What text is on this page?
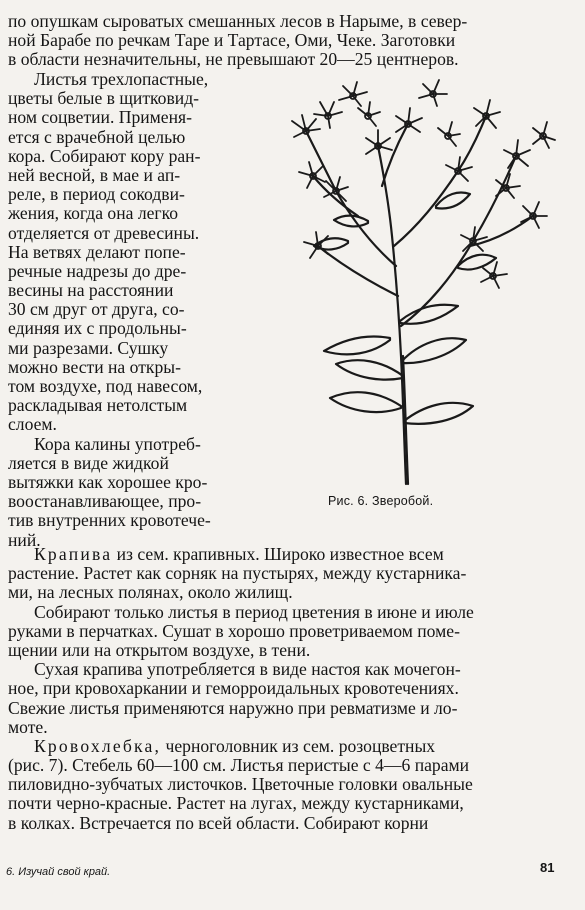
по опушкам сыроватых смешанных лесов в Нарыме, в север-
ной Барабе по речкам Таре и Тартасе, Оми, Чеке. Заготовки
в области незначительны, не превышают 20—25 центнеров.
Листья трехлопастные,
цветы белые в щитковид-
ном соцветии. Применя-
ется с врачебной целью
кора. Собирают кору ран-
ней весной, в мае и ап-
реле, в период сокодви-
жения, когда она легко
отделяется от древесины.
На ветвях делают попе-
речные надрезы до дре-
весины на расстоянии
30 см друг от друга, со-
единяя их с продольны-
ми разрезами. Сушку
можно вести на откры-
том воздухе, под навесом,
раскладывая нетолстым
слоем.
Кора калины употреб-
ляется в виде жидкой
вытяжки как хорошее кро-
воостанавливающее, про-
тив внутренних кровотече-
ний.
Рис. 6. Зверобой.
Крапива из сем. крапивных. Широко известное всем
растение. Растет как сорняк на пустырях, между кустарника-
ми, на лесных полянах, около жилищ.
Собирают только листья в период цветения в июне и июле
руками в перчатках. Сушат в хорошо проветриваемом поме-
щении или на открытом воздухе, в тени.
Сухая крапива употребляется в виде настоя как мочегон-
ное, при кровохаркании и геморроидальных кровотечениях.
Свежие листья применяются наружно при ревматизме и ло-
моте.
Кровохлебка, черноголовник из сем. розоцветных
(рис. 7). Стебель 60—100 см. Листья перистые с 4—6 парами
пиловидно-зубчатых листочков. Цветочные головки овальные
почти черно-красные. Растет на лугах, между кустарниками,
в колках. Встречается по всей области. Собирают корни
6. Изучай свой край.	81
